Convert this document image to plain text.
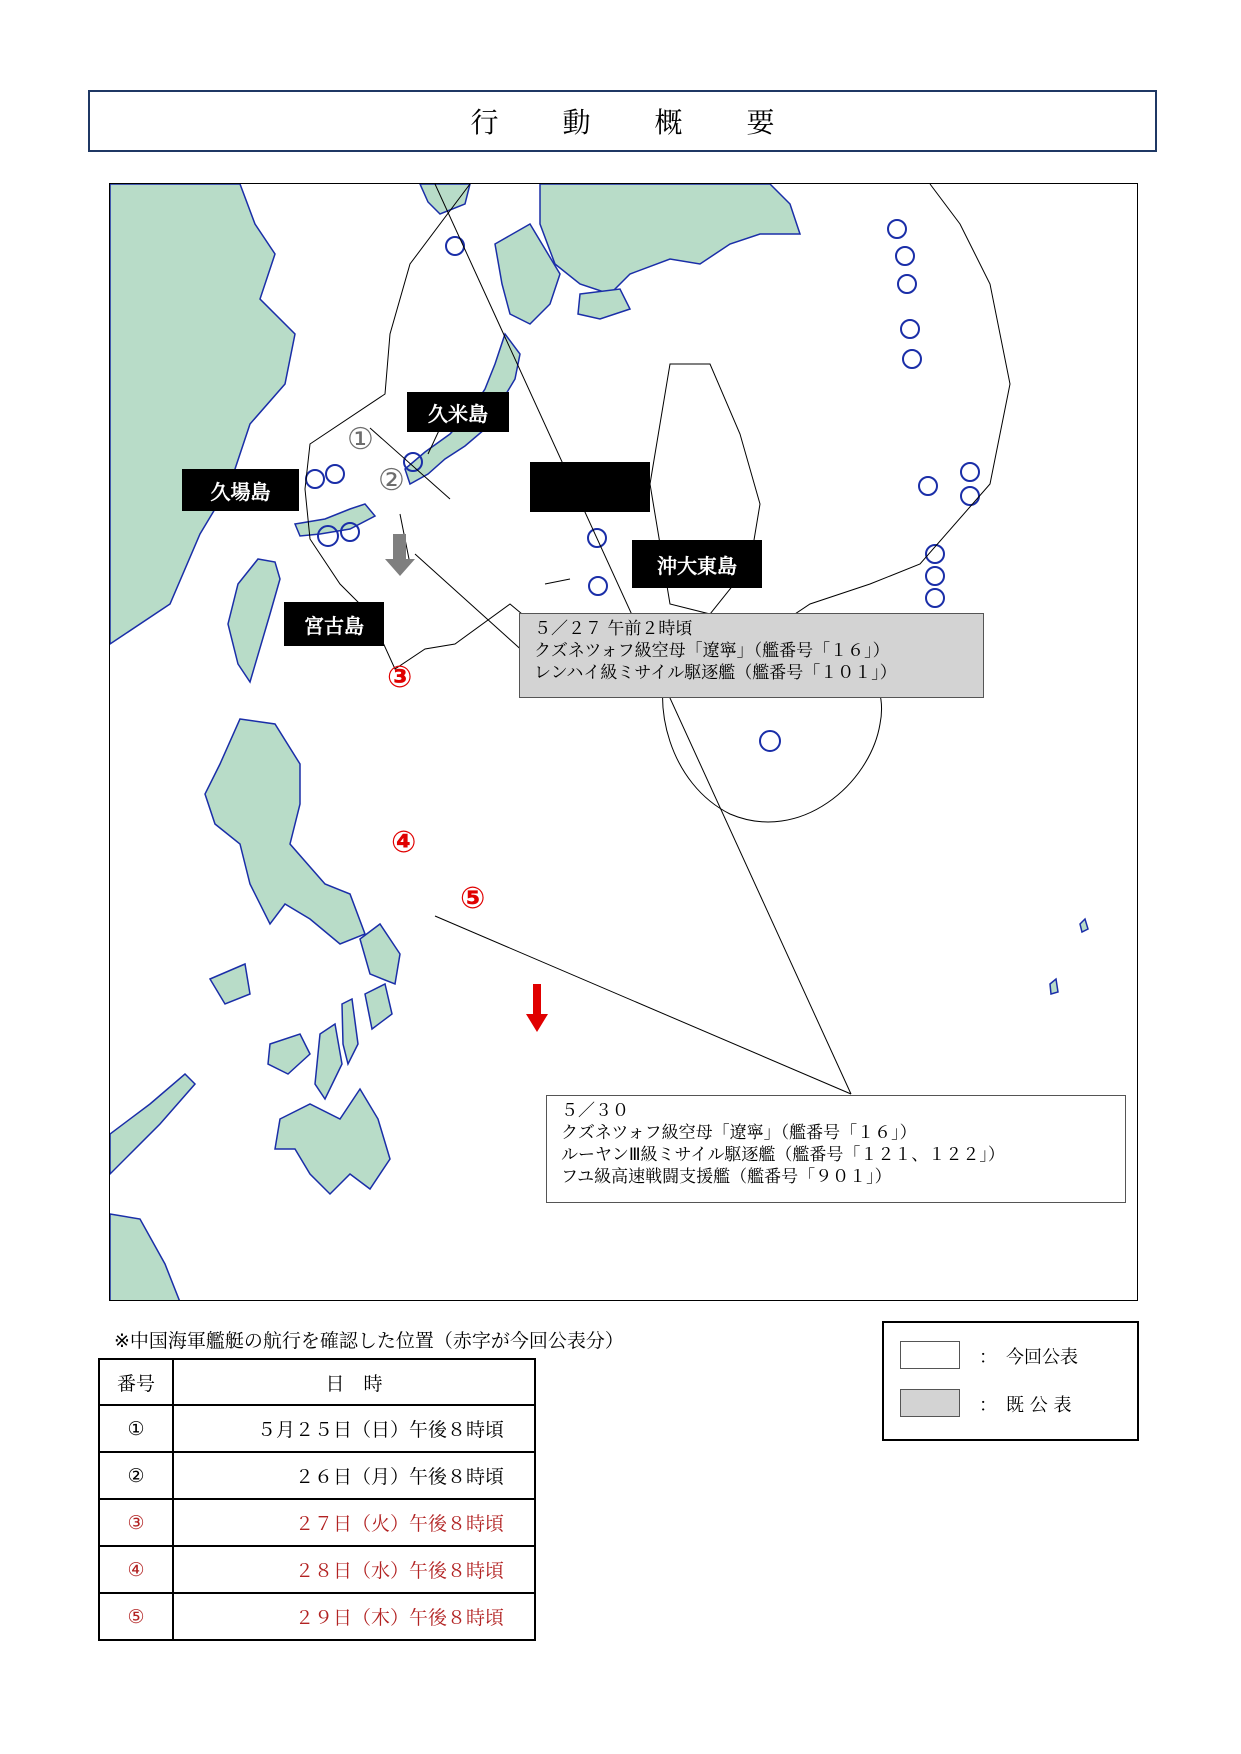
行　動　概　要
久米島
久場島
宮古島
沖大東島
①
②
③
④
⑤
５／２７ 午前２時頃
クズネツォフ級空母「遼寧」（艦番号「１６」）
レンハイ級ミサイル駆逐艦（艦番号「１０１」）
５／３０
クズネツォフ級空母「遼寧」（艦番号「１６」）
ルーヤンⅢ級ミサイル駆逐艦（艦番号「１２１、１２２」）
フユ級高速戦闘支援艦（艦番号「９０１」）
※中国海軍艦艇の航行を確認した位置（赤字が今回公表分）
番号	日　時
①	５月２５日（日）午後８時頃
②	２６日（月）午後８時頃
③	２７日（火）午後８時頃
④	２８日（水）午後８時頃
⑤	２９日（木）午後８時頃
：　今回公表
：　既 公 表
